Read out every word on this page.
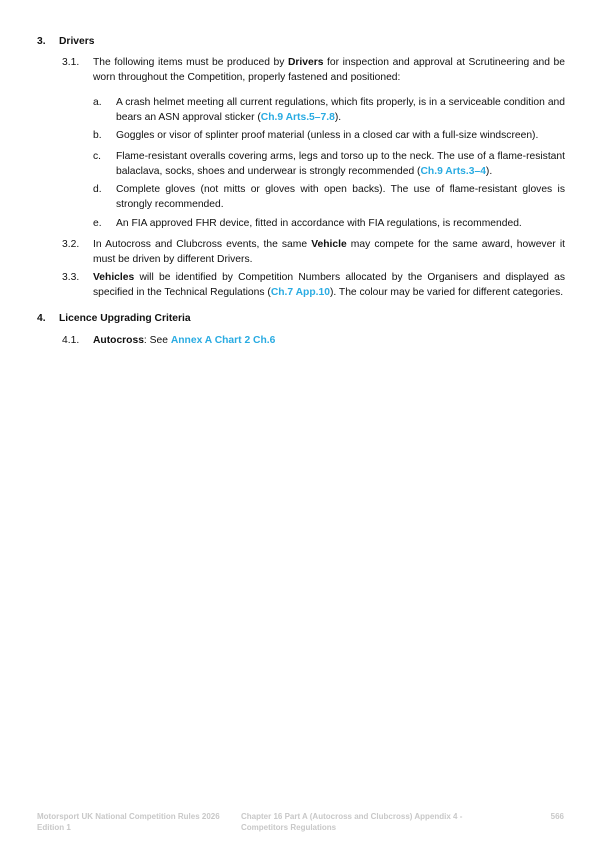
3. Drivers
3.1. The following items must be produced by Drivers for inspection and approval at Scrutineering and be worn throughout the Competition, properly fastened and positioned:
a. A crash helmet meeting all current regulations, which fits properly, is in a serviceable condition and bears an ASN approval sticker (Ch.9 Arts.5–7.8).
b. Goggles or visor of splinter proof material (unless in a closed car with a full-size windscreen).
c. Flame-resistant overalls covering arms, legs and torso up to the neck. The use of a flame-resistant balaclava, socks, shoes and underwear is strongly recommended (Ch.9 Arts.3–4).
d. Complete gloves (not mitts or gloves with open backs). The use of flame-resistant gloves is strongly recommended.
e. An FIA approved FHR device, fitted in accordance with FIA regulations, is recommended.
3.2. In Autocross and Clubcross events, the same Vehicle may compete for the same award, however it must be driven by different Drivers.
3.3. Vehicles will be identified by Competition Numbers allocated by the Organisers and displayed as specified in the Technical Regulations (Ch.7 App.10). The colour may be varied for different categories.
4. Licence Upgrading Criteria
4.1. Autocross: See Annex A Chart 2 Ch.6
Motorsport UK National Competition Rules 2026
Edition 1
Chapter 16 Part A (Autocross and Clubcross) Appendix 4 -
Competitors Regulations
566
